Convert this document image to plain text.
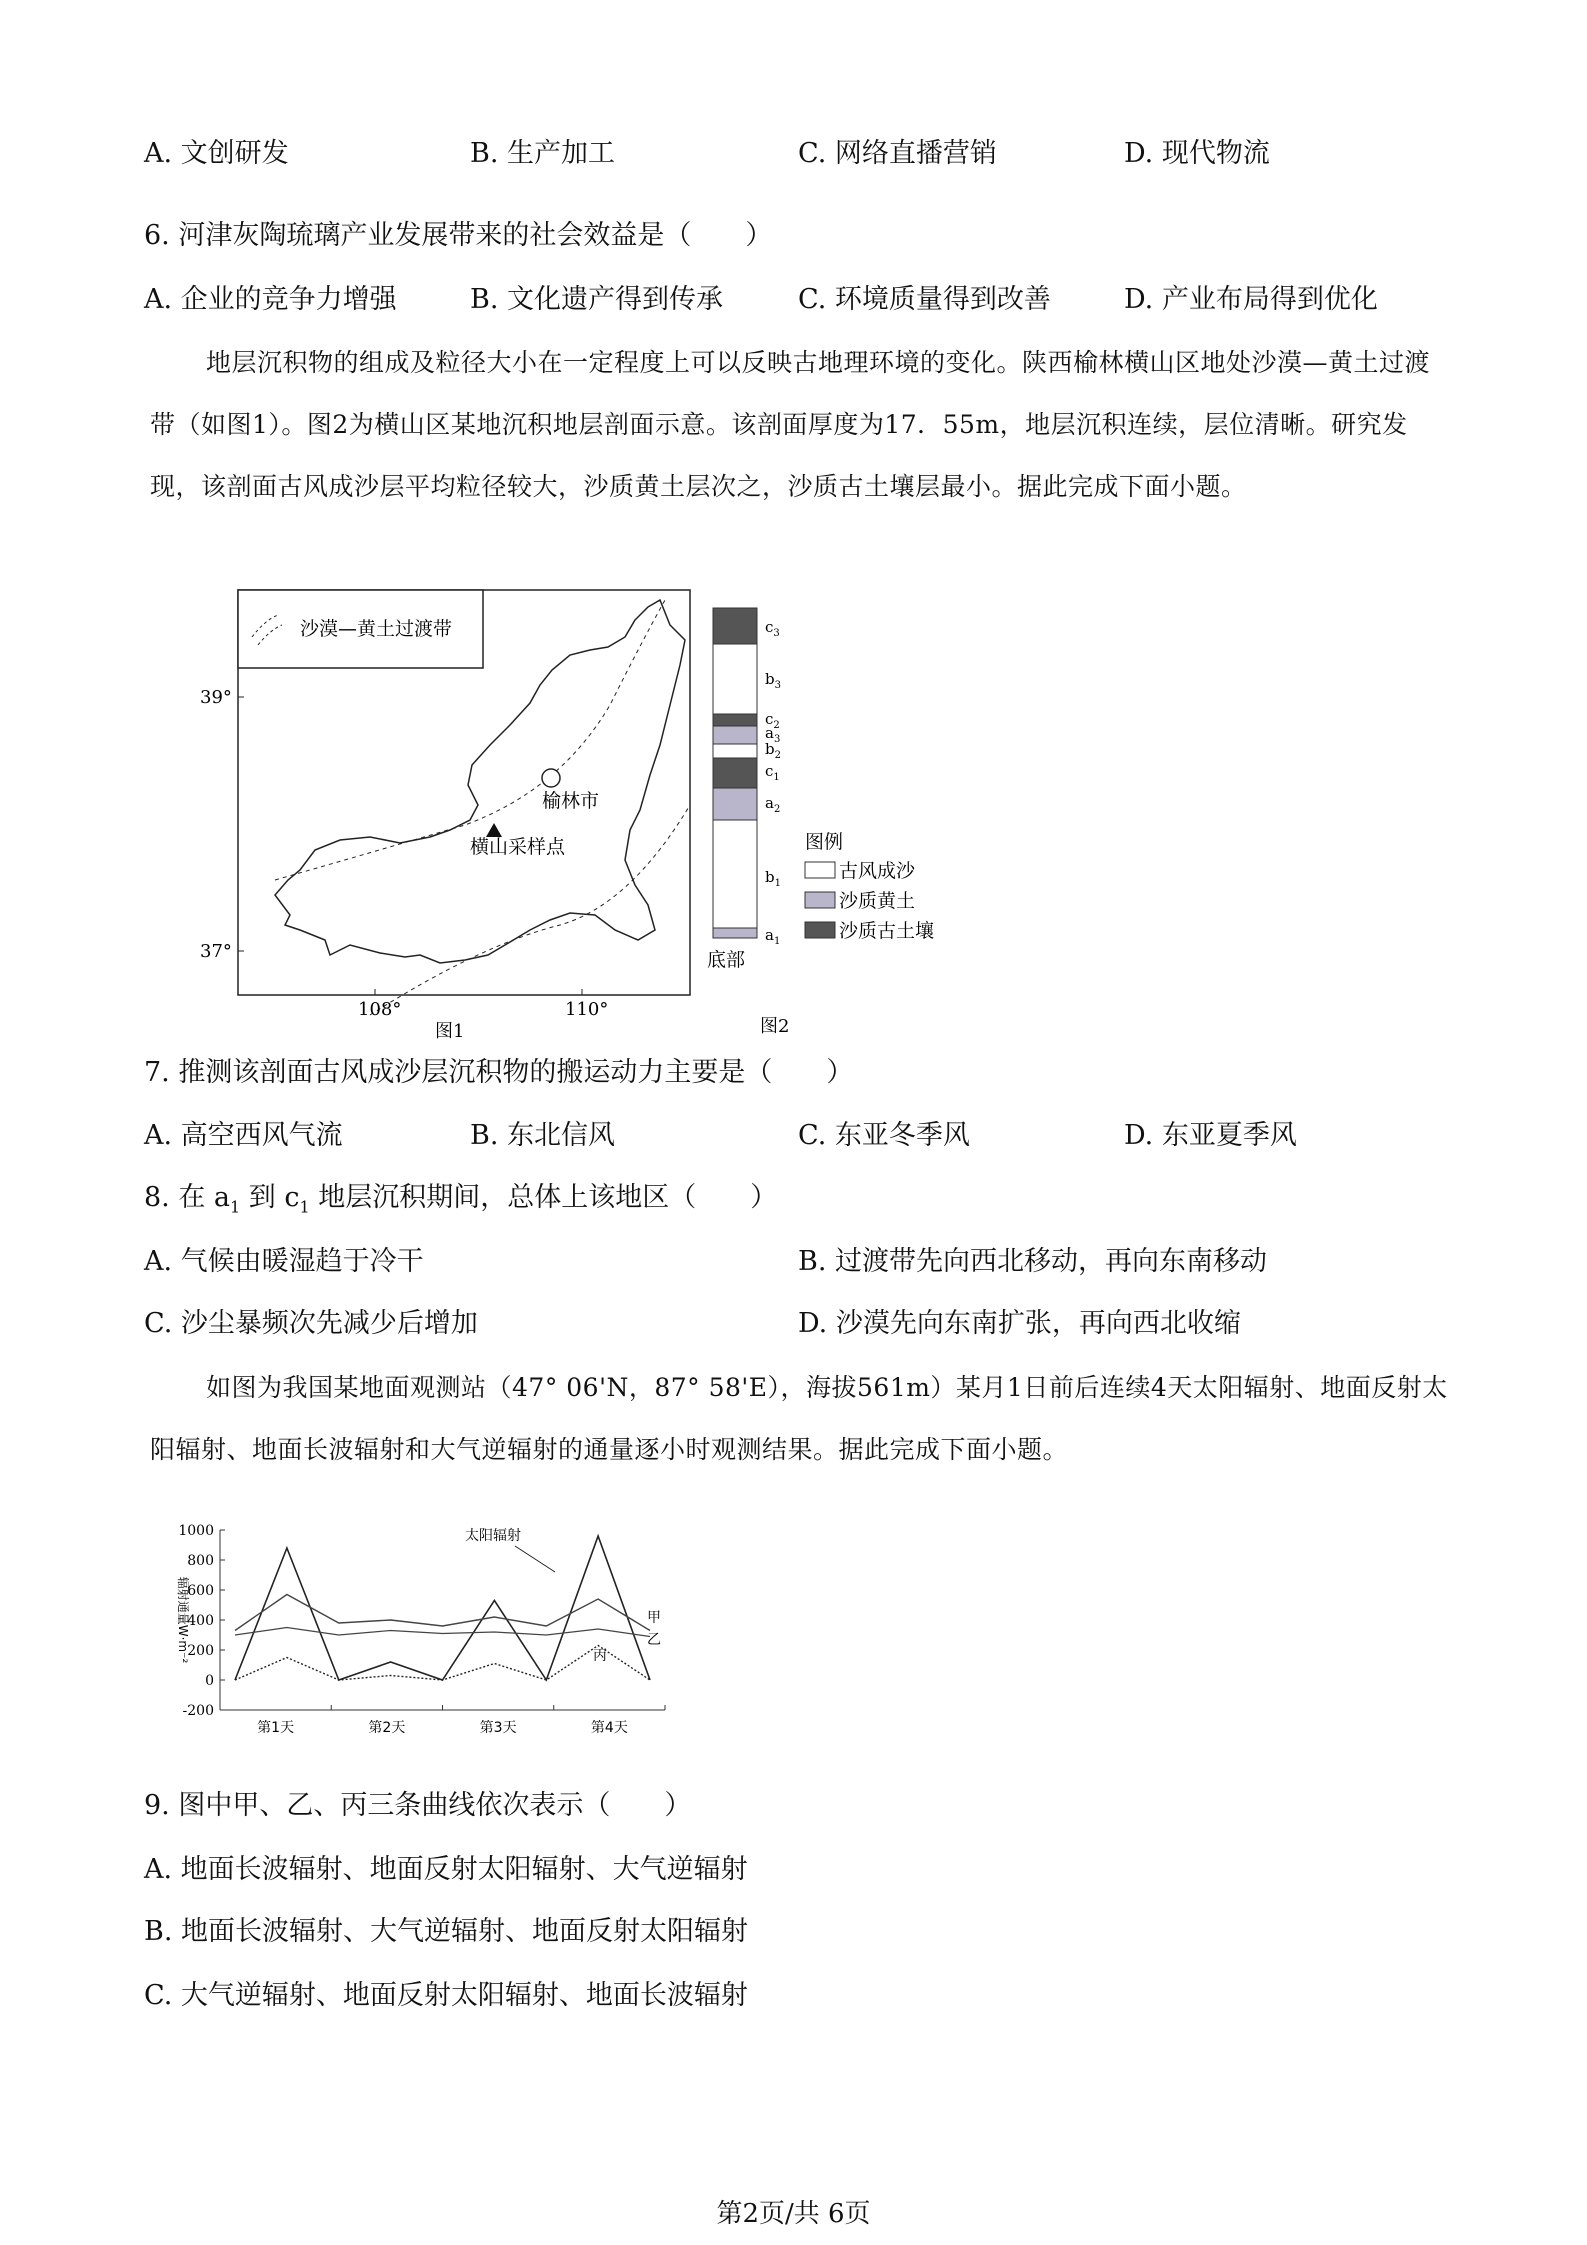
A. 文创研发	B. 生产加工	C. 网络直播营销	D. 现代物流
6. 河津灰陶琉璃产业发展带来的社会效益是（　　）
A. 企业的竞争力增强	B. 文化遗产得到传承	C. 环境质量得到改善	D. 产业布局得到优化
地层沉积物的组成及粒径大小在一定程度上可以反映古地理环境的变化。陕西榆林横山区地处沙漠—黄土过渡带（如图1）。图2为横山区某地沉积地层剖面示意。该剖面厚度为17．55m，地层沉积连续，层位清晰。研究发现，该剖面古风成沙层平均粒径较大，沙质黄土层次之，沙质古土壤层最小。据此完成下面小题。
沙漠—黄土过渡带
榆林市
横山采样点
39°
37°
108°	110°
图1
$c_3$
$b_3$
$c_2$
$a_3$
$b_2$
$c_1$
$a_2$
$b_1$
$a_1$
底部
图例
古风成沙
沙质黄土
沙质古土壤
图2
7. 推测该剖面古风成沙层沉积物的搬运动力主要是（　　）
A. 高空西风气流	B. 东北信风	C. 东亚冬季风	D. 东亚夏季风
8. 在 $a_1$ 到 $c_1$ 地层沉积期间，总体上该地区（　　）
A. 气候由暖湿趋于冷干	B. 过渡带先向西北移动，再向东南移动
C. 沙尘暴频次先减少后增加	D. 沙漠先向东南扩张，再向西北收缩
如图为我国某地面观测站（47° 06'N，87° 58'E），海拔561m）某月1日前后连续4天太阳辐射、地面反射太阳辐射、地面长波辐射和大气逆辐射的通量逐小时观测结果。据此完成下面小题。
1000
800
600
400
200
0
-200
辐射通量W·m⁻²
第1天	第2天	第3天	第4天
太阳辐射
甲
乙
丙
9. 图中甲、乙、丙三条曲线依次表示（　　）
A. 地面长波辐射、地面反射太阳辐射、大气逆辐射
B. 地面长波辐射、大气逆辐射、地面反射太阳辐射
C. 大气逆辐射、地面反射太阳辐射、地面长波辐射
第2页/共 6页
